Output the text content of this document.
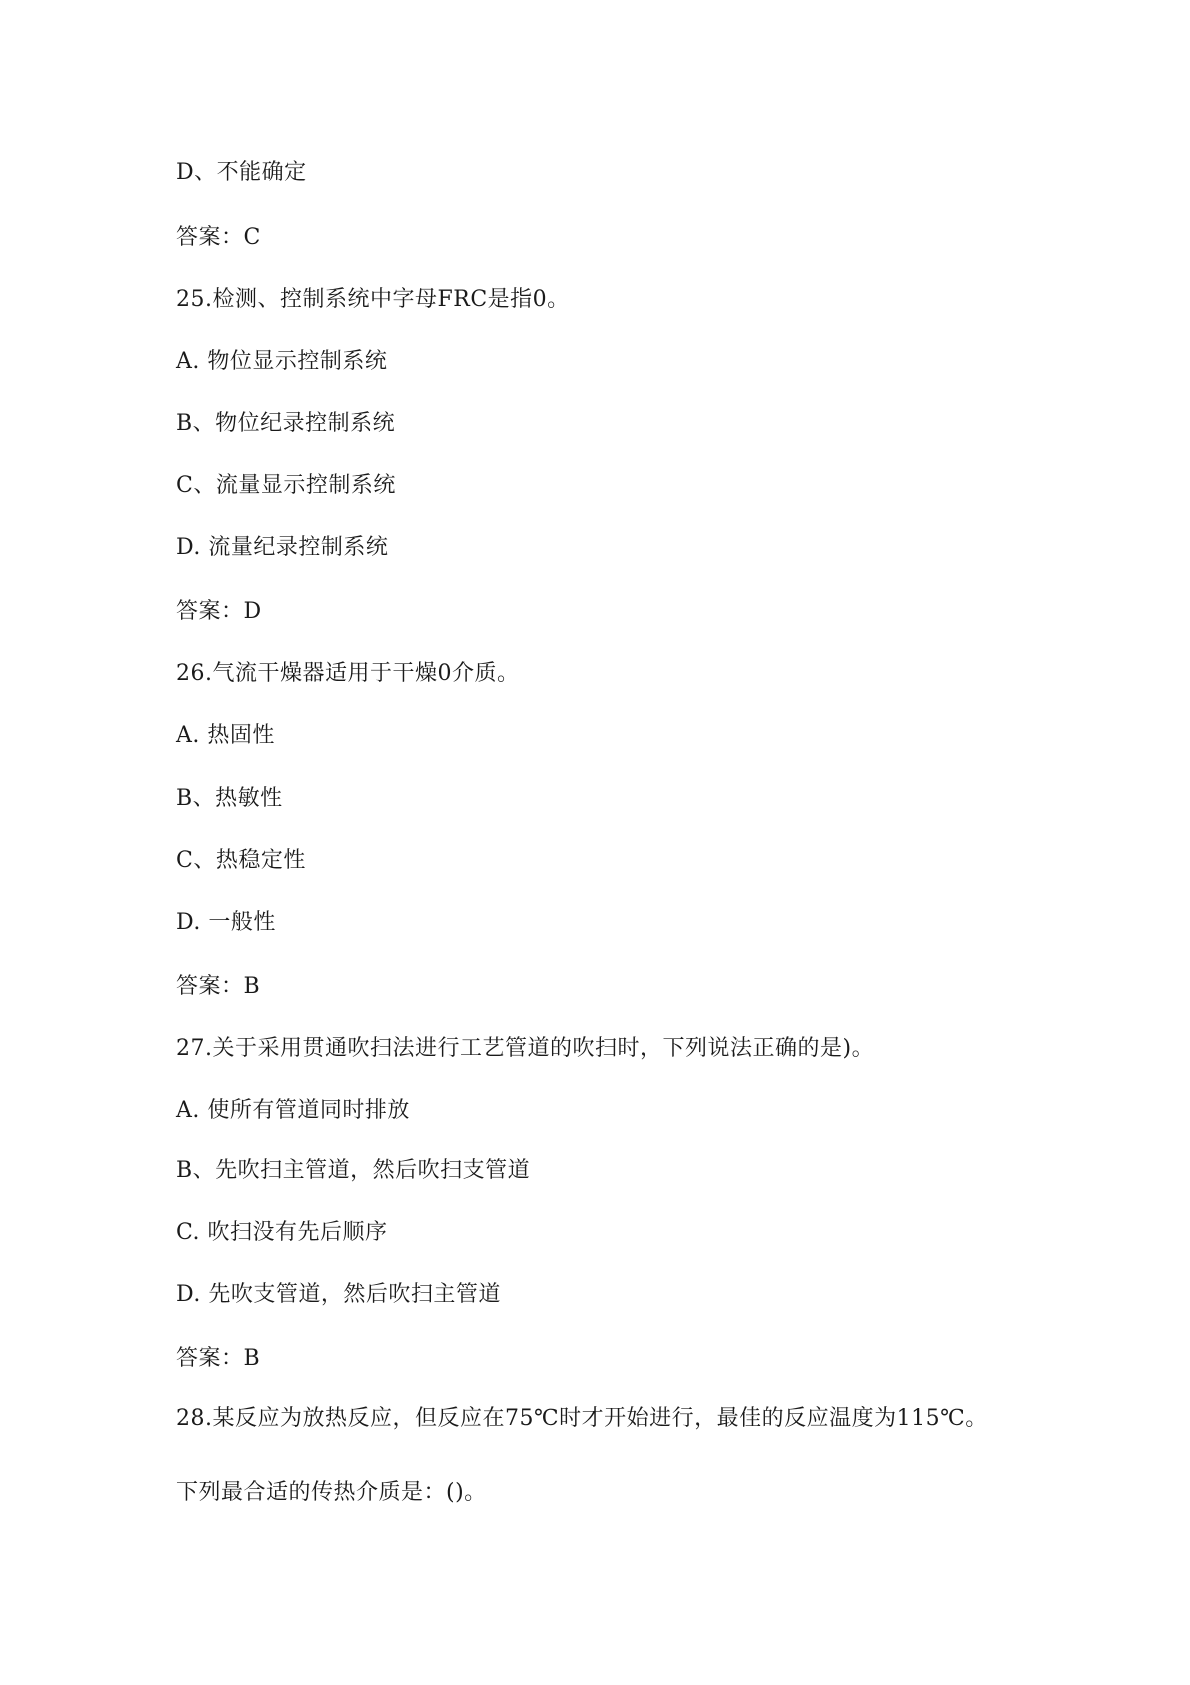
D、不能确定

答案：C

25.检测、控制系统中字母FRC是指0。

A. 物位显示控制系统

B、物位纪录控制系统

C、流量显示控制系统

D. 流量纪录控制系统

答案：D

26.气流干燥器适用于干燥0介质。

A. 热固性

B、热敏性

C、热稳定性

D. 一般性

答案：B

27.关于采用贯通吹扫法进行工艺管道的吹扫时，下列说法正确的是)。

A. 使所有管道同时排放

B、先吹扫主管道，然后吹扫支管道

C. 吹扫没有先后顺序

D. 先吹支管道，然后吹扫主管道

答案：B

28.某反应为放热反应，但反应在75℃时才开始进行，最佳的反应温度为115℃。

下列最合适的传热介质是：()。
